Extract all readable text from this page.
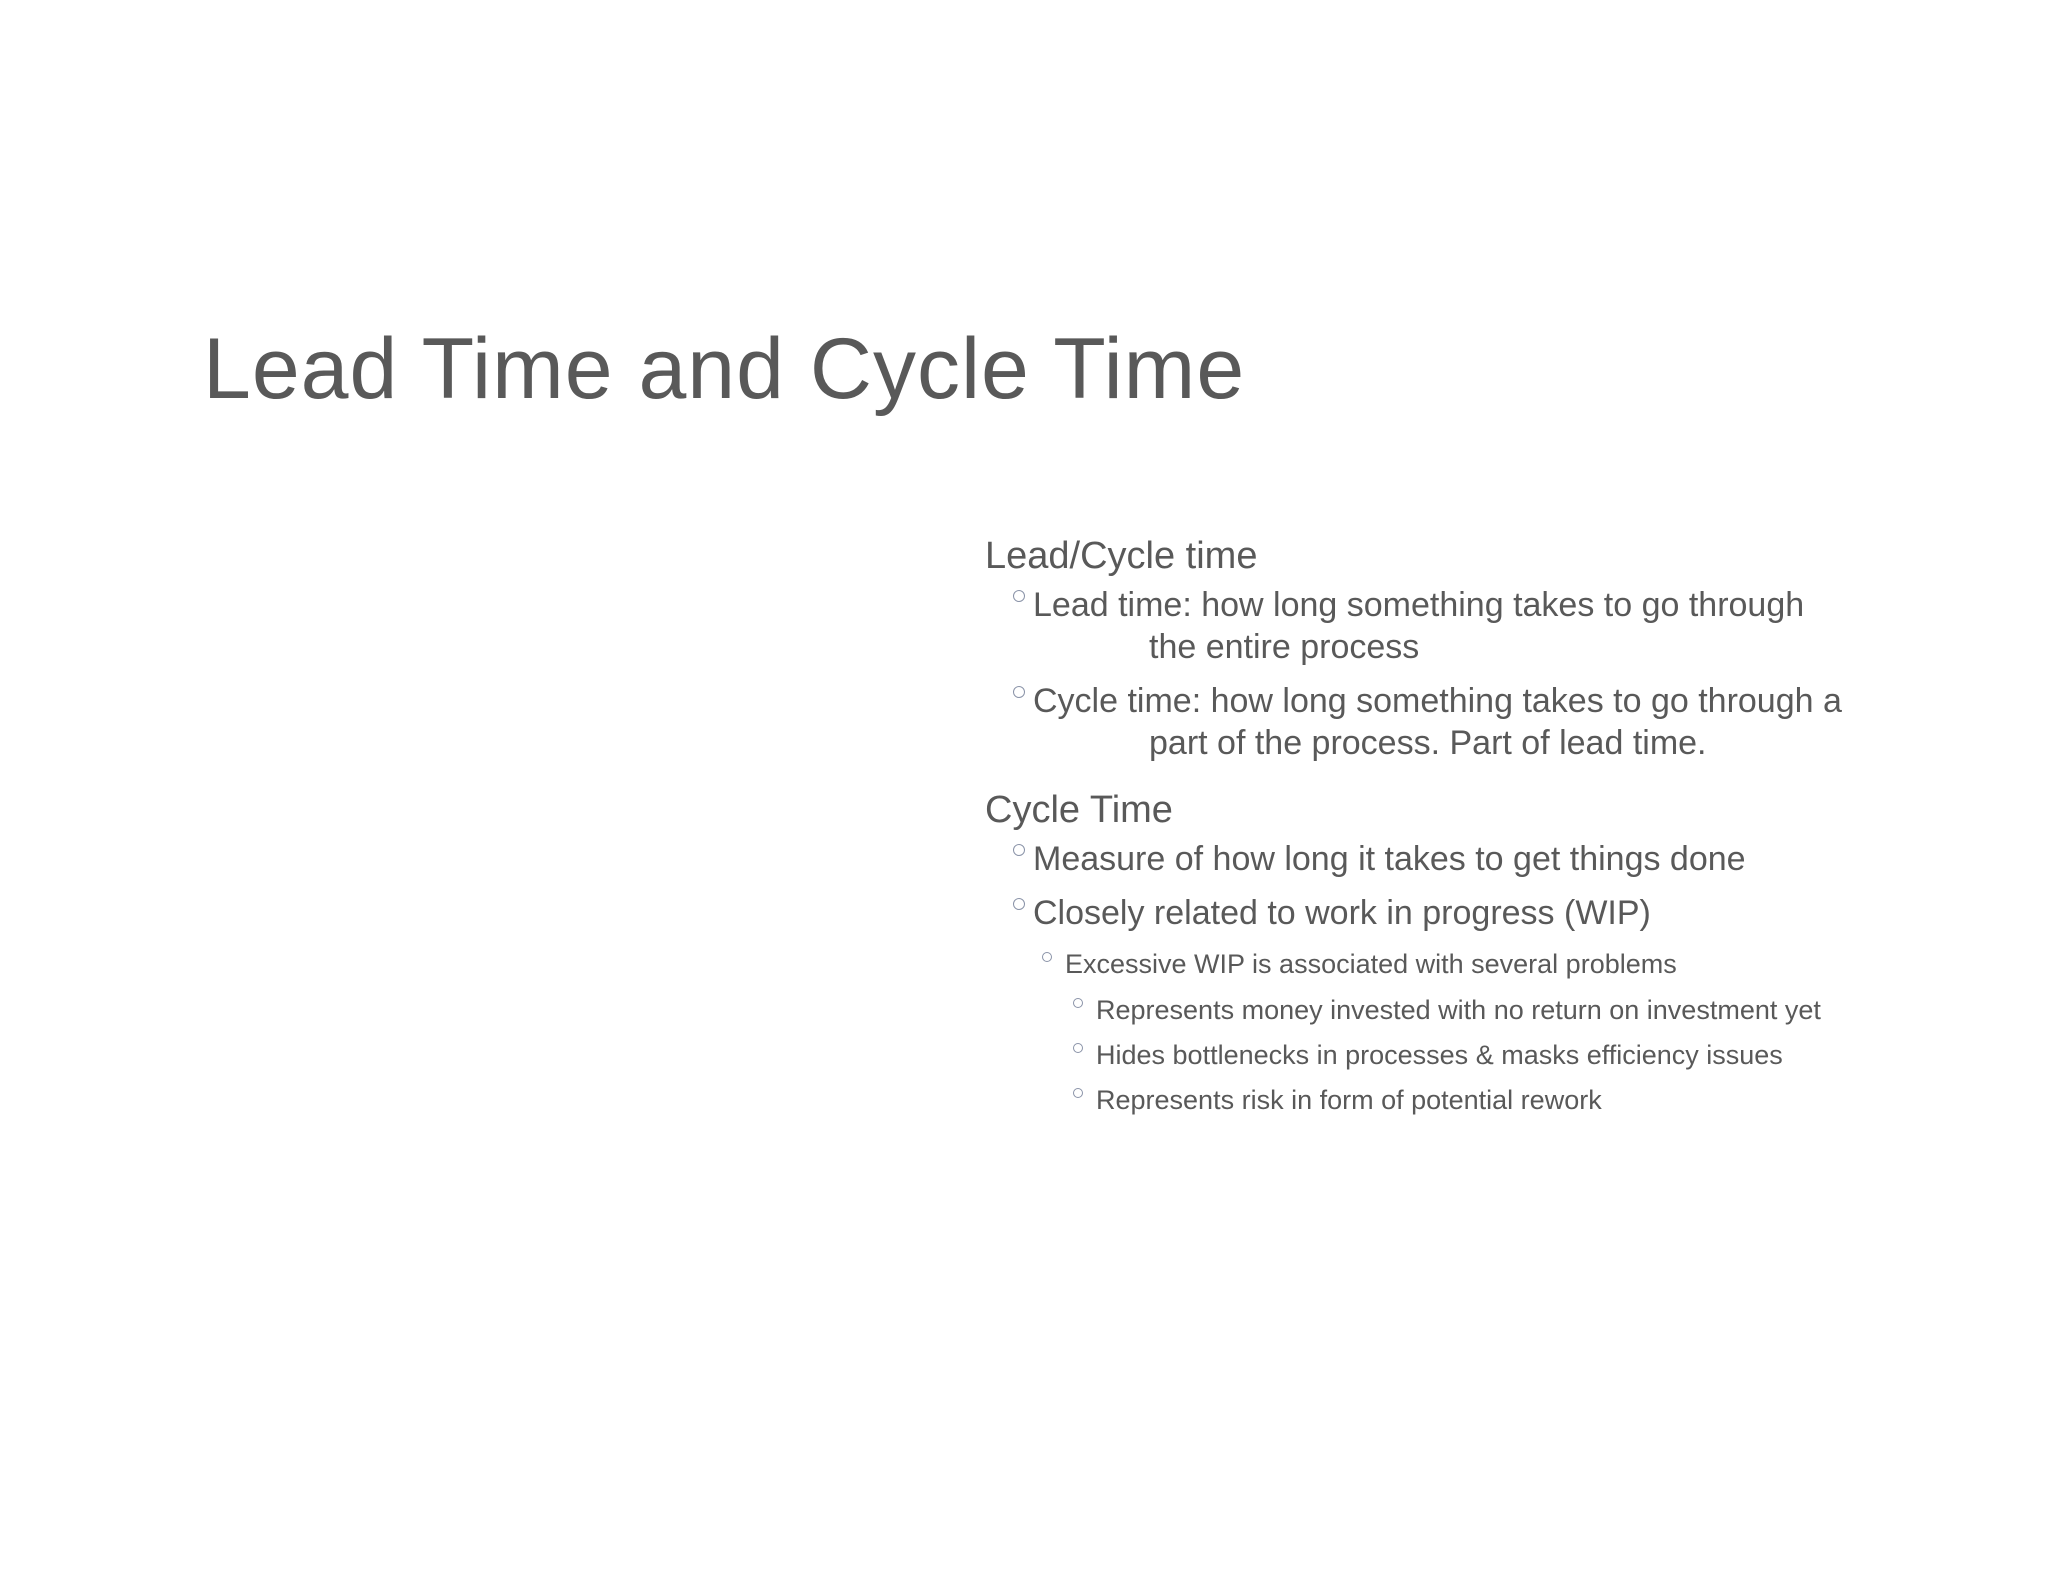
Lead Time and Cycle Time
Lead/Cycle time
Lead time: how long something takes to go through
the entire process
Cycle time: how long something takes to go through a
part of the process. Part of lead time.
Cycle Time
Measure of how long it takes to get things done
Closely related to work in progress (WIP)
Excessive WIP is associated with several problems
Represents money invested with no return on investment yet
Hides bottlenecks in processes & masks efficiency issues
Represents risk in form of potential rework
